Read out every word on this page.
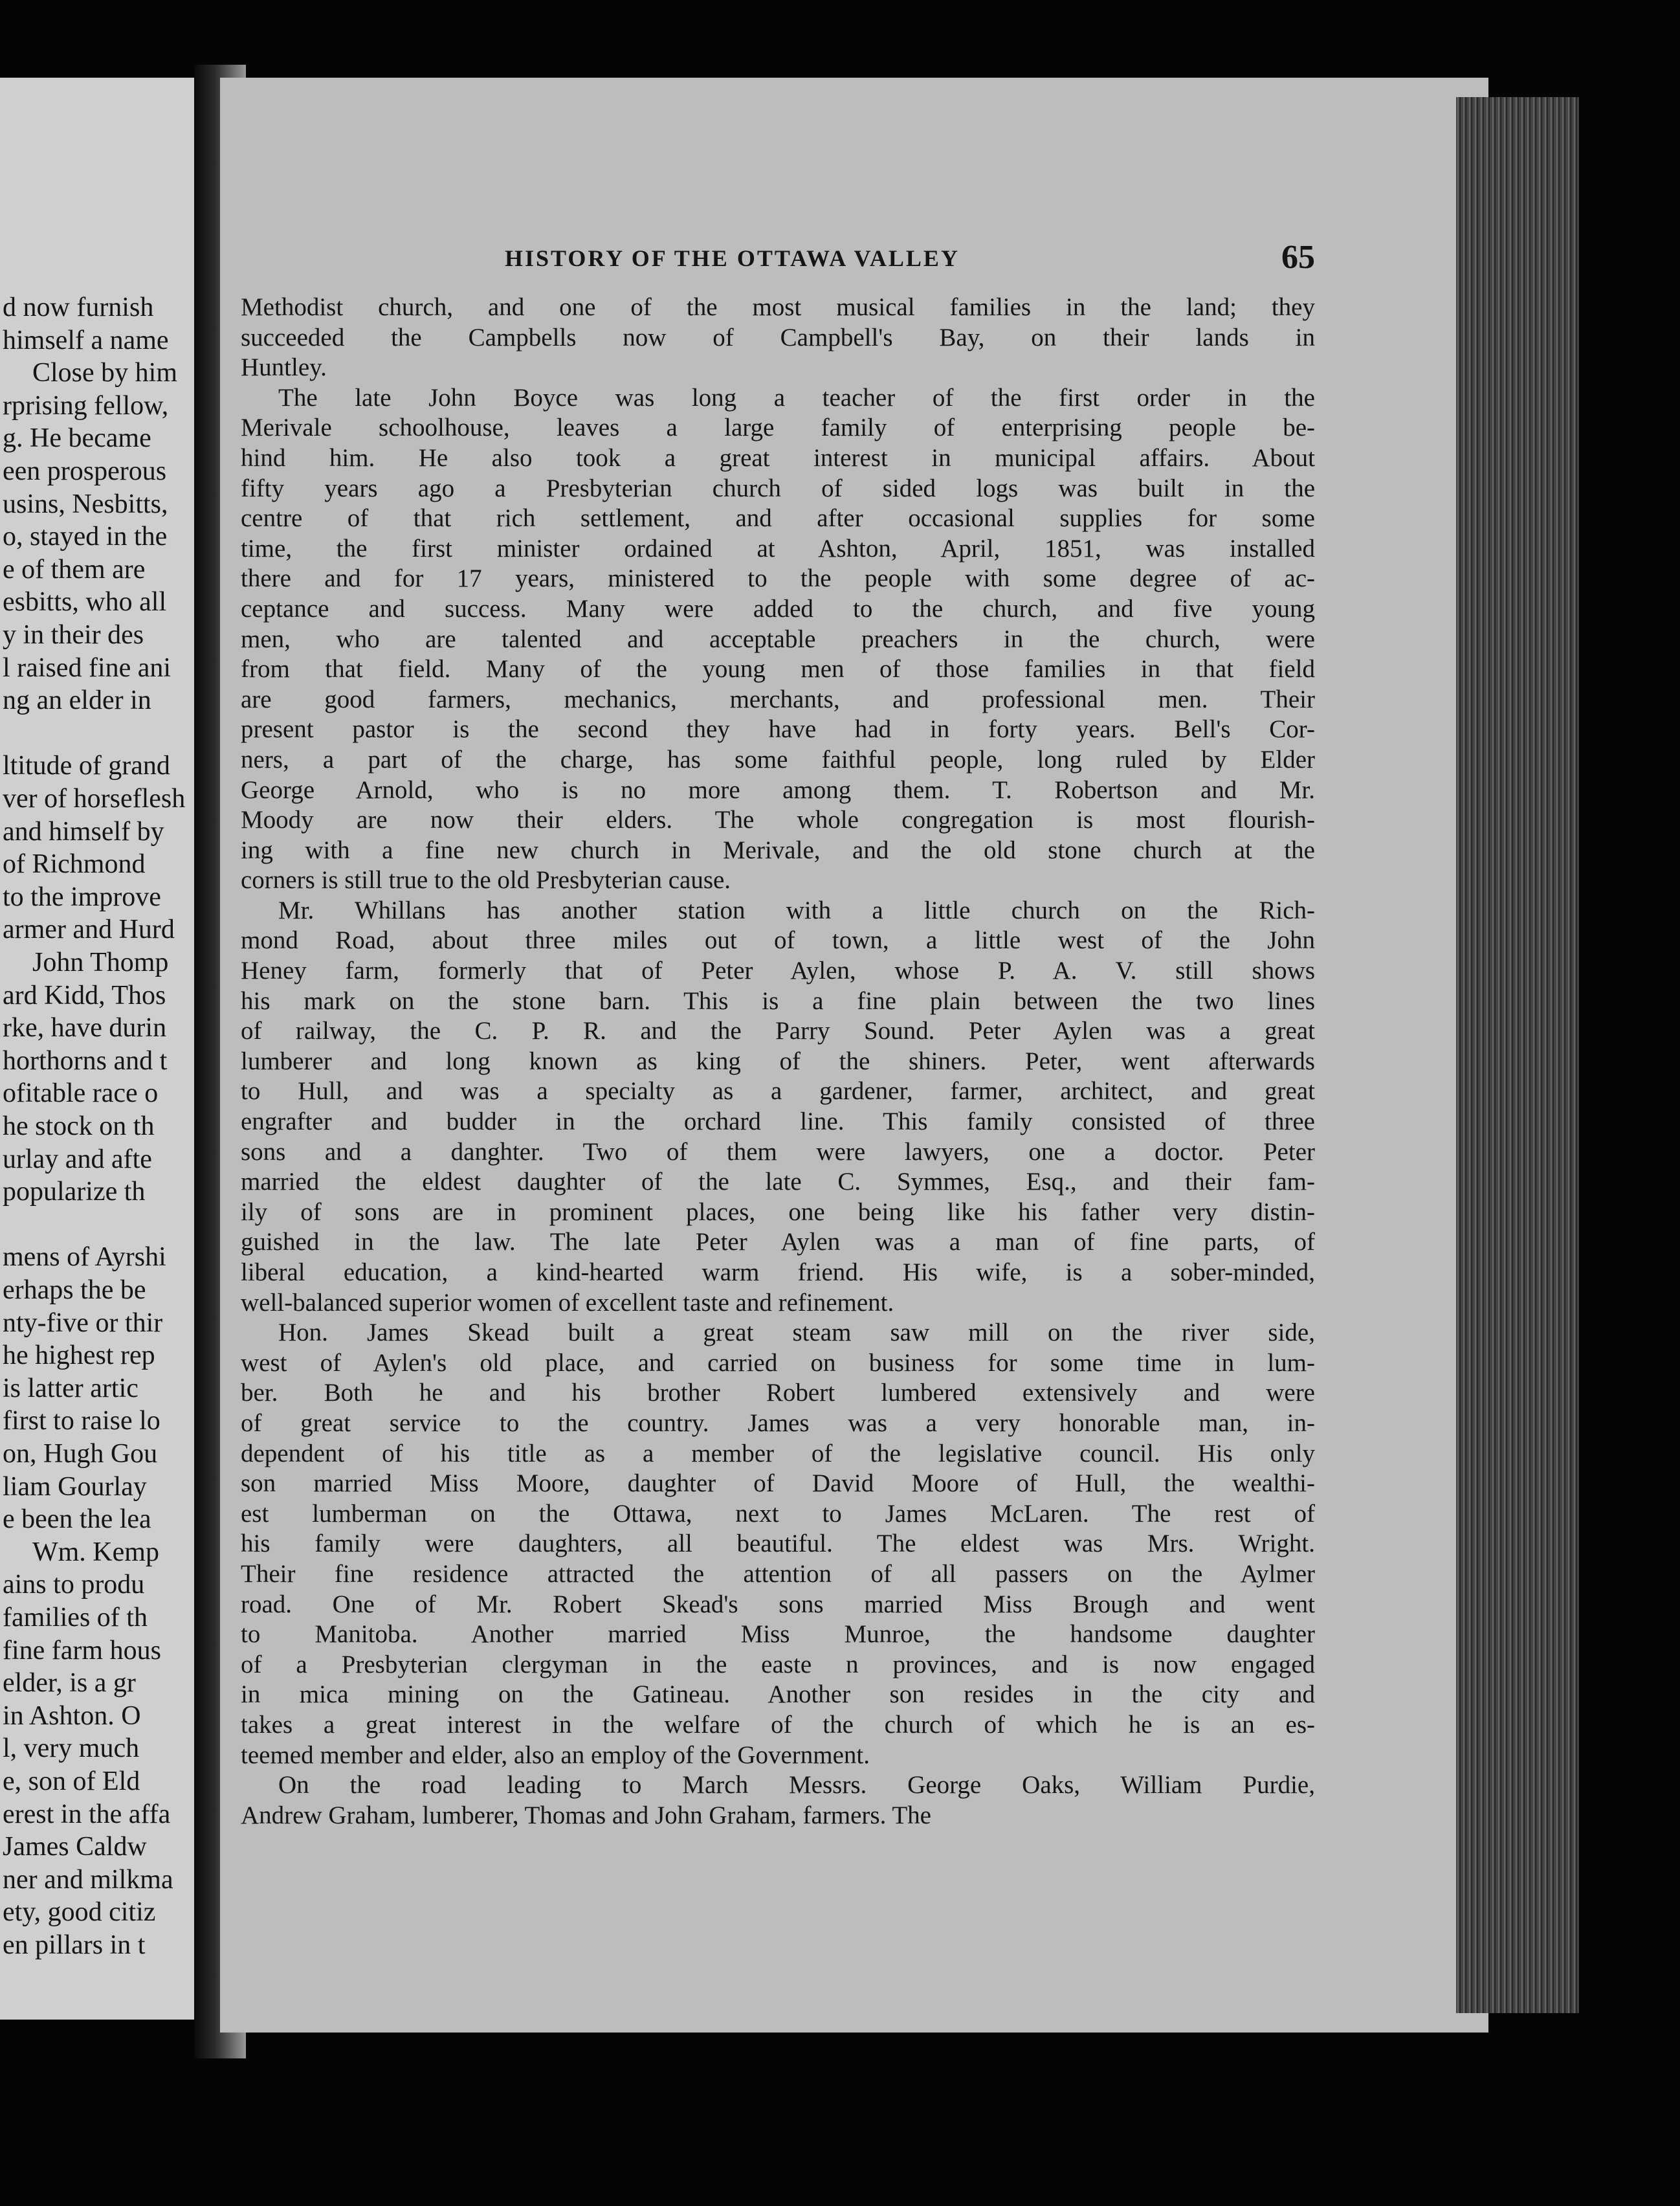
d now furnish
himself a name
Close by him
rprising fellow,
g. He became
een prosperous
usins, Nesbitts,
o, stayed in the
e of them are
esbitts, who all
y in their des
l raised fine ani
ng an elder in
ltitude of grand
ver of horseflesh
and himself by
of Richmond
to the improve
armer and Hurd
John Thomp
ard Kidd, Thos
rke, have durin
horthorns and t
ofitable race o
he stock on th
urlay and afte
popularize th
mens of Ayrshi
erhaps the be
nty-five or thir
he highest rep
is latter artic
first to raise lo
on, Hugh Gou
liam Gourlay
e been the lea
Wm. Kemp
ains to produ
families of th
fine farm hous
elder, is a gr
in Ashton. O
l, very much
e, son of Eld
erest in the affa
James Caldw
ner and milkma
ety, good citiz
en pillars in t
HISTORY OF THE OTTAWA VALLEY	65
Methodist church, and one of the most musical families in the land; they
succeeded the Campbells now of Campbell's Bay, on their lands in
Huntley.
The late John Boyce was long a teacher of the first order in the
Merivale schoolhouse, leaves a large family of enterprising people be-
hind him. He also took a great interest in municipal affairs. About
fifty years ago a Presbyterian church of sided logs was built in the
centre of that rich settlement, and after occasional supplies for some
time, the first minister ordained at Ashton, April, 1851, was installed
there and for 17 years, ministered to the people with some degree of ac-
ceptance and success. Many were added to the church, and five young
men, who are talented and acceptable preachers in the church, were
from that field. Many of the young men of those families in that field
are good farmers, mechanics, merchants, and professional men. Their
present pastor is the second they have had in forty years. Bell's Cor-
ners, a part of the charge, has some faithful people, long ruled by Elder
George Arnold, who is no more among them. T. Robertson and Mr.
Moody are now their elders. The whole congregation is most flourish-
ing with a fine new church in Merivale, and the old stone church at the
corners is still true to the old Presbyterian cause.
Mr. Whillans has another station with a little church on the Rich-
mond Road, about three miles out of town, a little west of the John
Heney farm, formerly that of Peter Aylen, whose P. A. V. still shows
his mark on the stone barn. This is a fine plain between the two lines
of railway, the C. P. R. and the Parry Sound. Peter Aylen was a great
lumberer and long known as king of the shiners. Peter, went afterwards
to Hull, and was a specialty as a gardener, farmer, architect, and great
engrafter and budder in the orchard line. This family consisted of three
sons and a danghter. Two of them were lawyers, one a doctor. Peter
married the eldest daughter of the late C. Symmes, Esq., and their fam-
ily of sons are in prominent places, one being like his father very distin-
guished in the law. The late Peter Aylen was a man of fine parts, of
liberal education, a kind-hearted warm friend. His wife, is a sober-minded,
well-balanced superior women of excellent taste and refinement.
Hon. James Skead built a great steam saw mill on the river side,
west of Aylen's old place, and carried on business for some time in lum-
ber. Both he and his brother Robert lumbered extensively and were
of great service to the country. James was a very honorable man, in-
dependent of his title as a member of the legislative council. His only
son married Miss Moore, daughter of David Moore of Hull, the wealthi-
est lumberman on the Ottawa, next to James McLaren. The rest of
his family were daughters, all beautiful. The eldest was Mrs. Wright.
Their fine residence attracted the attention of all passers on the Aylmer
road. One of Mr. Robert Skead's sons married Miss Brough and went
to Manitoba. Another married Miss Munroe, the handsome daughter
of a Presbyterian clergyman in the easte n provinces, and is now engaged
in mica mining on the Gatineau. Another son resides in the city and
takes a great interest in the welfare of the church of which he is an es-
teemed member and elder, also an employ of the Government.
On the road leading to March Messrs. George Oaks, William Purdie,
Andrew Graham, lumberer, Thomas and John Graham, farmers. The
